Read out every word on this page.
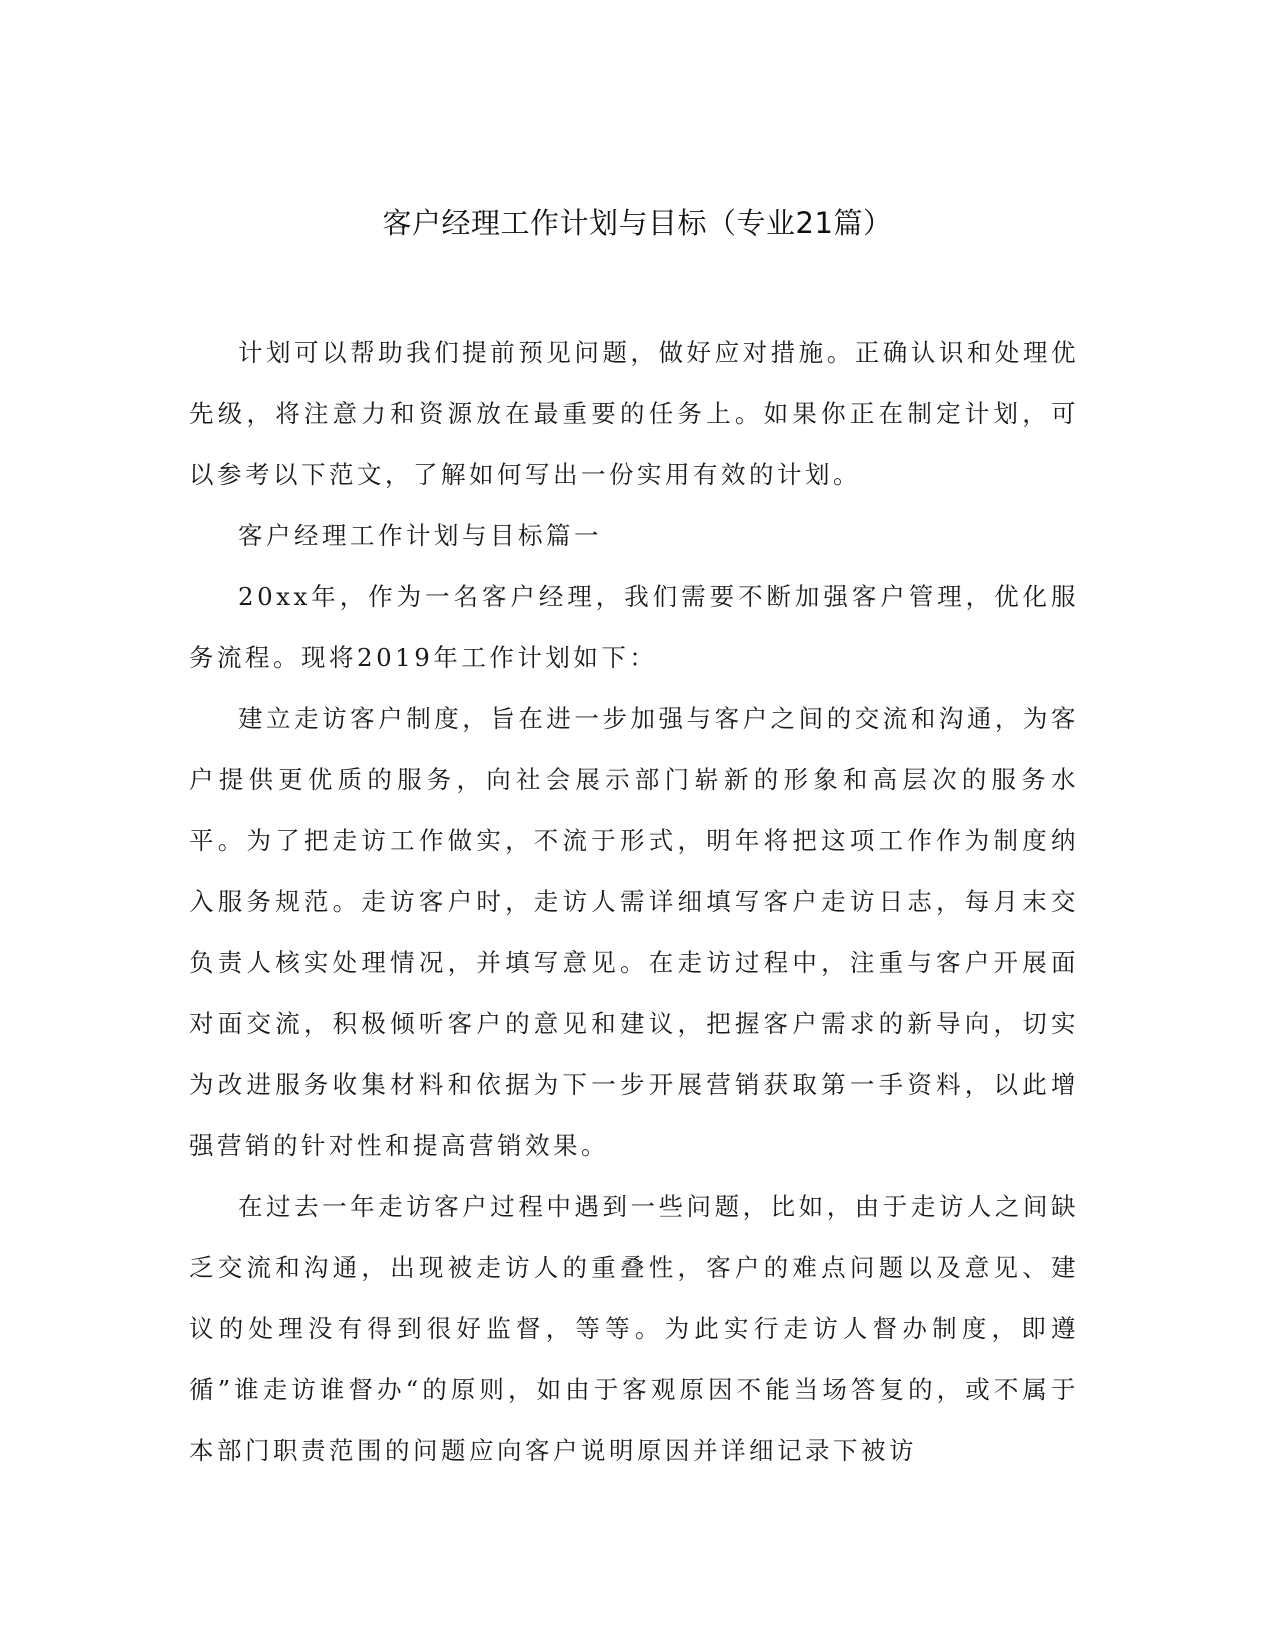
客户经理工作计划与目标（专业21篇）

计划可以帮助我们提前预见问题，做好应对措施。正确认识和处理优先级，将注意力和资源放在最重要的任务上。如果你正在制定计划，可以参考以下范文，了解如何写出一份实用有效的计划。

客户经理工作计划与目标篇一

20xx年，作为一名客户经理，我们需要不断加强客户管理，优化服务流程。现将2019年工作计划如下：

建立走访客户制度，旨在进一步加强与客户之间的交流和沟通，为客户提供更优质的服务，向社会展示部门崭新的形象和高层次的服务水平。为了把走访工作做实，不流于形式，明年将把这项工作作为制度纳入服务规范。走访客户时，走访人需详细填写客户走访日志，每月末交负责人核实处理情况，并填写意见。在走访过程中，注重与客户开展面对面交流，积极倾听客户的意见和建议，把握客户需求的新导向，切实为改进服务收集材料和依据为下一步开展营销获取第一手资料，以此增强营销的针对性和提高营销效果。

在过去一年走访客户过程中遇到一些问题，比如，由于走访人之间缺乏交流和沟通，出现被走访人的重叠性，客户的难点问题以及意见、建议的处理没有得到很好监督，等等。为此实行走访人督办制度，即遵循”谁走访谁督办“的原则，如由于客观原因不能当场答复的，或不属于本部门职责范围的问题应向客户说明原因并详细记录下被访
